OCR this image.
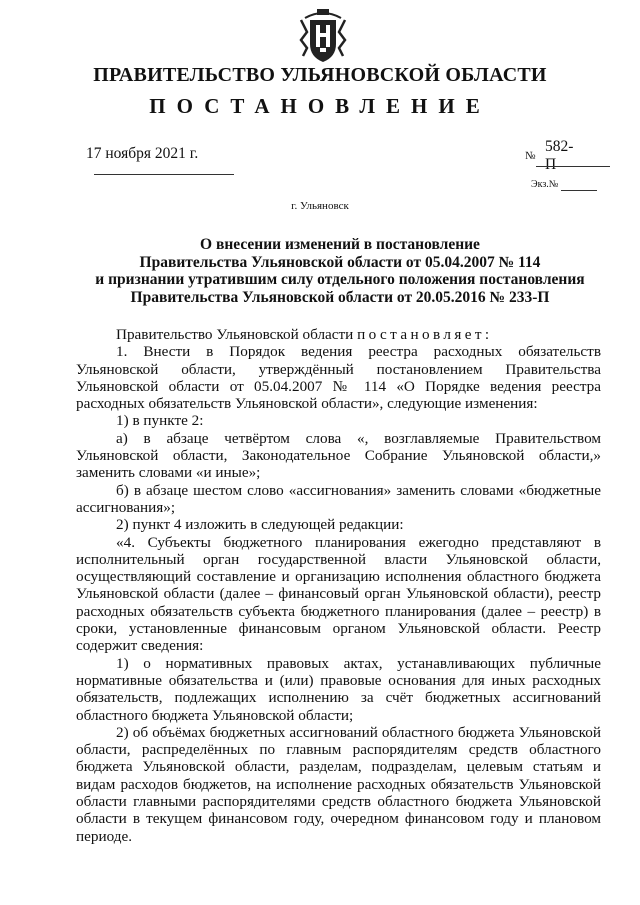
ПРАВИТЕЛЬСТВО УЛЬЯНОВСКОЙ ОБЛАСТИ
ПОСТАНОВЛЕНИЕ
17 ноября 2021 г.	№
582-П
Экз.№
г. Ульяновск
О внесении изменений в постановление
Правительства Ульяновской области от 05.04.2007 № 114
и признании утратившим силу отдельного положения постановления
Правительства Ульяновской области от 20.05.2016 № 233-П

Правительство Ульяновской области постановляет:

1. Внести в Порядок ведения реестра расходных обязательств Ульяновской области, утверждённый постановлением Правительства Ульяновской области от 05.04.2007 № 114 «О Порядке ведения реестра расходных обязательств Ульяновской области», следующие изменения:

1) в пункте 2:

а) в абзаце четвёртом слова «, возглавляемые Правительством Ульяновской области, Законодательное Собрание Ульяновской области,» заменить словами «и иные»;

б) в абзаце шестом слово «ассигнования» заменить словами «бюджетные ассигнования»;

2) пункт 4 изложить в следующей редакции:

«4. Субъекты бюджетного планирования ежегодно представляют в исполнительный орган государственной власти Ульяновской области, осуществляющий составление и организацию исполнения областного бюджета Ульяновской области (далее – финансовый орган Ульяновской области), реестр расходных обязательств субъекта бюджетного планирования (далее – реестр) в сроки, установленные финансовым органом Ульяновской области. Реестр содержит сведения:

1) о нормативных правовых актах, устанавливающих публичные нормативные обязательства и (или) правовые основания для иных расходных обязательств, подлежащих исполнению за счёт бюджетных ассигнований областного бюджета Ульяновской области;

2) об объёмах бюджетных ассигнований областного бюджета Ульяновской области, распределённых по главным распорядителям средств областного бюджета Ульяновской области, разделам, подразделам, целевым статьям и видам расходов бюджетов, на исполнение расходных обязательств Ульяновской области главными распорядителями средств областного бюджета Ульяновской области в текущем финансовом году, очередном финансовом году и плановом периоде.
